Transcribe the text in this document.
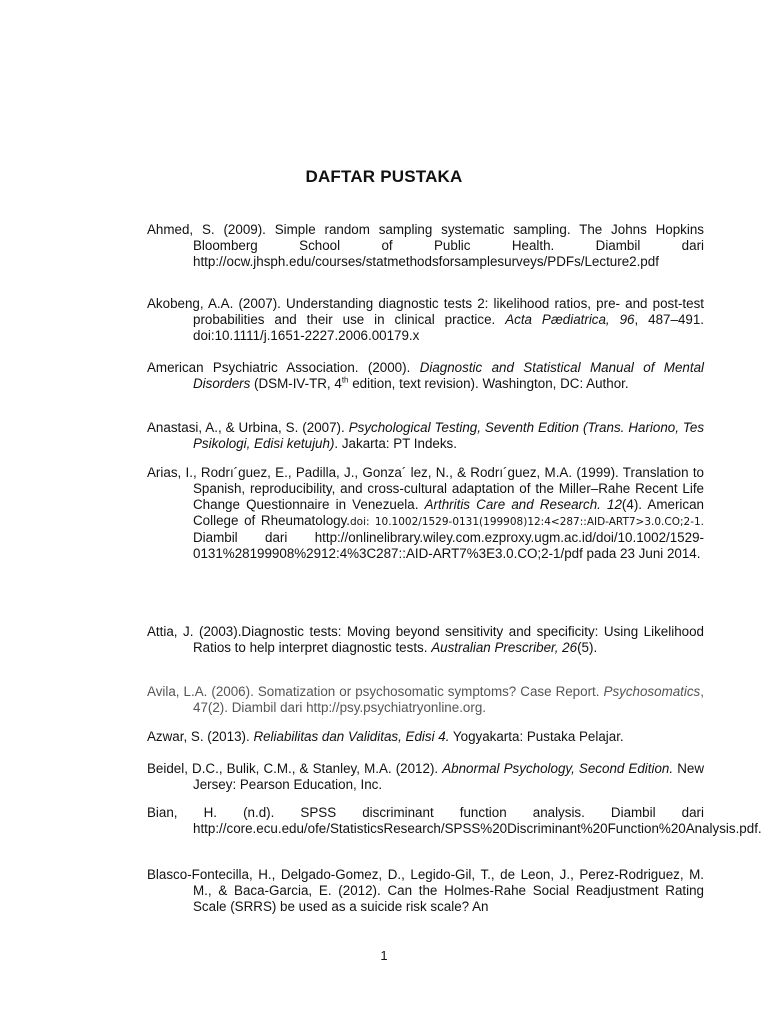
DAFTAR PUSTAKA

Ahmed, S. (2009). Simple random sampling systematic sampling. The Johns Hopkins Bloomberg School of Public Health. Diambil dari http://ocw.jhsph.edu/courses/statmethodsforsamplesurveys/PDFs/Lecture2.pdf

Akobeng, A.A. (2007). Understanding diagnostic tests 2: likelihood ratios, pre- and post-test probabilities and their use in clinical practice. Acta Pædiatrica, 96, 487–491. doi:10.1111/j.1651-2227.2006.00179.x

American Psychiatric Association. (2000). Diagnostic and Statistical Manual of Mental Disorders (DSM-IV-TR, 4th edition, text revision). Washington, DC: Author.

Anastasi, A., & Urbina, S. (2007). Psychological Testing, Seventh Edition (Trans. Hariono, Tes Psikologi, Edisi ketujuh). Jakarta: PT Indeks.

Arias, I., Rodrı´guez, E., Padilla, J., Gonza´ lez, N., & Rodrı´guez, M.A. (1999). Translation to Spanish, reproducibility, and cross-cultural adaptation of the Miller–Rahe Recent Life Change Questionnaire in Venezuela. Arthritis Care and Research. 12(4). American College of Rheumatology.doi: 10.1002/1529-0131(199908)12:4<287::AID-ART7>3.0.CO;2-1. Diambil dari http://onlinelibrary.wiley.com.ezproxy.ugm.ac.id/doi/10.1002/1529-0131%28199908%2912:4%3C287::AID-ART7%3E3.0.CO;2-1/pdf pada 23 Juni 2014.

Attia, J. (2003).Diagnostic tests: Moving beyond sensitivity and specificity: Using Likelihood Ratios to help interpret diagnostic tests. Australian Prescriber, 26(5).

Avila, L.A. (2006). Somatization or psychosomatic symptoms? Case Report. Psychosomatics, 47(2). Diambil dari http://psy.psychiatryonline.org.

Azwar, S. (2013). Reliabilitas dan Validitas, Edisi 4. Yogyakarta: Pustaka Pelajar.

Beidel, D.C., Bulik, C.M., & Stanley, M.A. (2012). Abnormal Psychology, Second Edition. New Jersey: Pearson Education, Inc.

Bian, H. (n.d). SPSS discriminant function analysis. Diambil dari http://core.ecu.edu/ofe/StatisticsResearch/SPSS%20Discriminant%20Function%20Analysis.pdf.

Blasco-Fontecilla, H., Delgado-Gomez, D., Legido-Gil, T., de Leon, J., Perez-Rodriguez, M. M., & Baca-Garcia, E. (2012). Can the Holmes-Rahe Social Readjustment Rating Scale (SRRS) be used as a suicide risk scale? An

1
